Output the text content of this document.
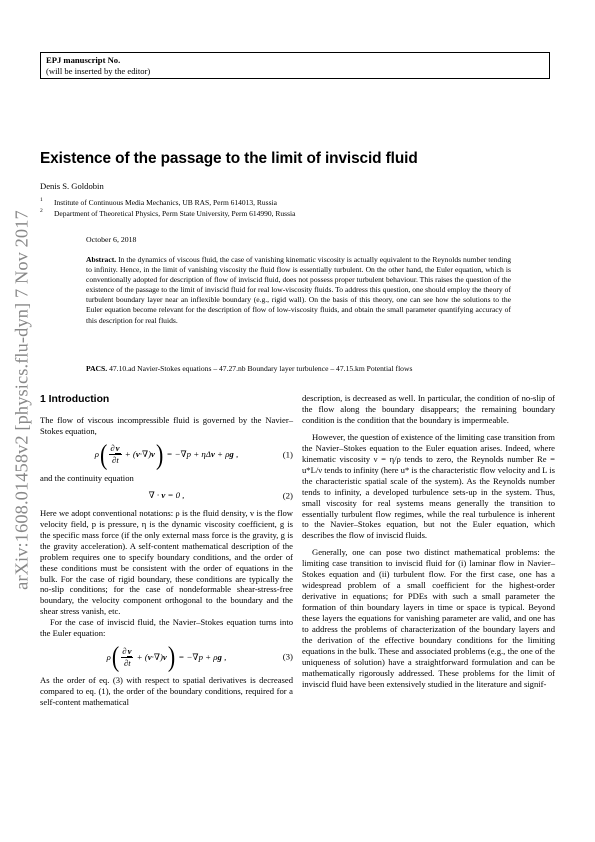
EPJ manuscript No.
(will be inserted by the editor)
arXiv:1608.01458v2 [physics.flu-dyn] 7 Nov 2017
Existence of the passage to the limit of inviscid fluid
Denis S. Goldobin
1 Institute of Continuous Media Mechanics, UB RAS, Perm 614013, Russia
2 Department of Theoretical Physics, Perm State University, Perm 614990, Russia
October 6, 2018
Abstract. In the dynamics of viscous fluid, the case of vanishing kinematic viscosity is actually equivalent to the Reynolds number tending to infinity. Hence, in the limit of vanishing viscosity the fluid flow is essentially turbulent. On the other hand, the Euler equation, which is conventionally adopted for description of flow of inviscid fluid, does not possess proper turbulent behaviour. This raises the question of the existence of the passage to the limit of inviscid fluid for real low-viscosity fluids. To address this question, one should employ the theory of turbulent boundary layer near an inflexible boundary (e.g., rigid wall). On the basis of this theory, one can see how the solutions to the Euler equation become relevant for the description of flow of low-viscosity fluids, and obtain the small parameter quantifying accuracy of this description for real fluids.
PACS. 47.10.ad Navier-Stokes equations – 47.27.nb Boundary layer turbulence – 47.15.km Potential flows
1 Introduction

The flow of viscous incompressible fluid is governed by the Navier–Stokes equation,

ρ ( $\frac{\partial v}{\partial t} + (v\cdot\nabla)v$ ) = −∇p + ηΔv + ρg ,	(1)

and the continuity equation

∇ · v = 0 ,	(2)

Here we adopt conventional notations: ρ is the fluid density, v is the flow velocity field, p is pressure, η is the dynamic viscosity coefficient, g is the specific mass force (if the only external mass force is the gravity, g is the gravity acceleration). A self-content mathematical description of the problem requires one to specify boundary conditions, and the order of these conditions must be consistent with the order of equations in the bulk. For the case of rigid boundary, these conditions are typically the no-slip conditions; for the case of nondeformable shear-stress-free boundary, the velocity component orthogonal to the boundary and the shear stress vanish, etc.

For the case of inviscid fluid, the Navier–Stokes equation turns into the Euler equation:

ρ ( $\frac{\partial v}{\partial t} + (v\cdot\nabla)v$ ) = −∇p + ρg ,	(3)

As the order of eq. (3) with respect to spatial derivatives is decreased compared to eq. (1), the order of the boundary conditions, required for a self-content mathematical

description, is decreased as well. In particular, the condition of no-slip of the flow along the boundary disappears; the remaining boundary condition is the condition that the boundary is impermeable.

However, the question of existence of the limiting case transition from the Navier–Stokes equation to the Euler equation arises. Indeed, where kinematic viscosity ν = η/ρ tends to zero, the Reynolds number Re = u*L/ν tends to infinity (here u* is the characteristic flow velocity and L is the characteristic spatial scale of the system). As the Reynolds number tends to infinity, a developed turbulence sets-up in the system. Thus, small viscosity for real systems means generally the transition to essentially turbulent flow regimes, while the real turbulence is inherent to the Navier–Stokes equation, but not the Euler equation, which describes the flow of inviscid fluids.

Generally, one can pose two distinct mathematical problems: the limiting case transition to inviscid fluid for (i) laminar flow in Navier–Stokes equation and (ii) turbulent flow. For the first case, one has a widespread problem of a small coefficient for the highest-order derivative in equations; for PDEs with such a small parameter the formation of thin boundary layers in time or space is typical. Beyond these layers the equations for vanishing parameter are valid, and one has to address the problems of characterization of the boundary layers and the derivation of the effective boundary conditions for the limiting equations in the bulk. These and associated problems (e.g., the one of the uniqueness of solution) have a straightforward formulation and can be mathematically rigorously addressed. These problems for the limit of inviscid fluid have been extensively studied in the literature and signif-
